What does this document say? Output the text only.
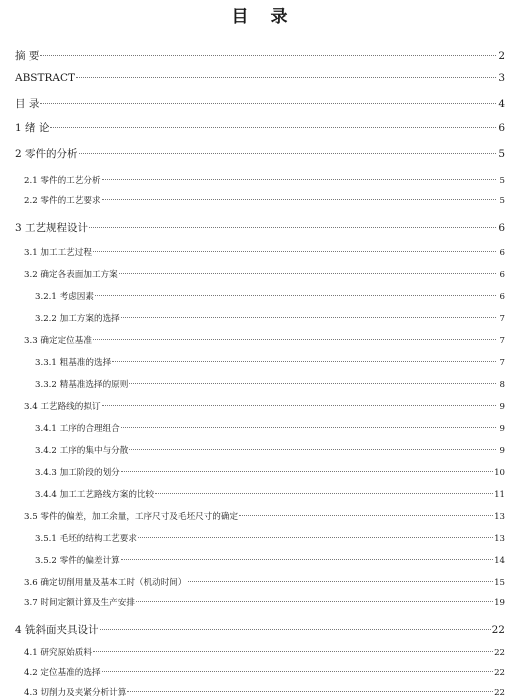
目 录
摘 要	2
ABSTRACT	3
目 录	4
1 绪 论	6
2 零件的分析	5
2.1 零件的工艺分析	5
2.2 零件的工艺要求	5
3 工艺规程设计	6
3.1 加工工艺过程	6
3.2 确定各表面加工方案	6
3.2.1 考虑因素	6
3.2.2 加工方案的选择	7
3.3 确定定位基准	7
3.3.1 粗基准的选择	7
3.3.2 精基准选择的原则	8
3.4 工艺路线的拟订	9
3.4.1 工序的合理组合	9
3.4.2 工序的集中与分散	9
3.4.3 加工阶段的划分	10
3.4.4 加工工艺路线方案的比较	11
3.5 零件的偏差，加工余量，工序尺寸及毛坯尺寸的确定	13
3.5.1 毛坯的结构工艺要求	13
3.5.2 零件的偏差计算	14
3.6 确定切削用量及基本工时（机动时间）	15
3.7 时间定额计算及生产安排	19
4 铣斜面夹具设计	22
4.1 研究原始质料	22
4.2 定位基准的选择	22
4.3 切削力及夹紧分析计算	22
